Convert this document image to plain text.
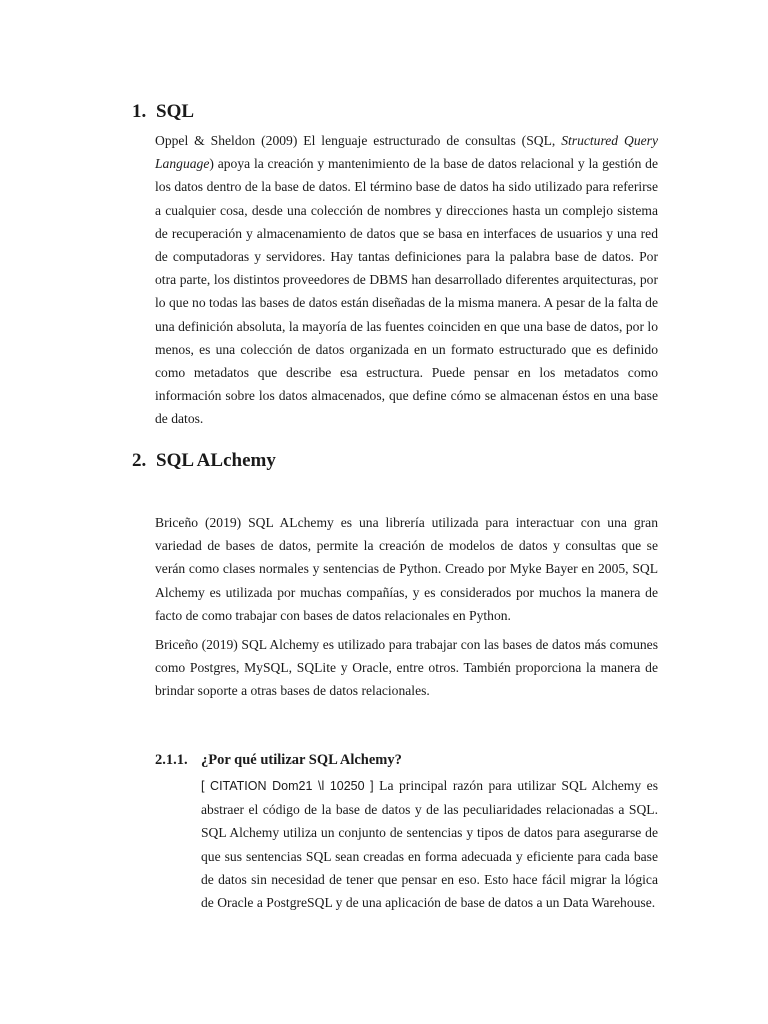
1. SQL
Oppel & Sheldon (2009) El lenguaje estructurado de consultas (SQL, Structured Query Language) apoya la creación y mantenimiento de la base de datos relacional y la gestión de los datos dentro de la base de datos. El término base de datos ha sido utilizado para referirse a cualquier cosa, desde una colección de nombres y direcciones hasta un complejo sistema de recuperación y almacenamiento de datos que se basa en interfaces de usuarios y una red de computadoras y servidores. Hay tantas definiciones para la palabra base de datos. Por otra parte, los distintos proveedores de DBMS han desarrollado diferentes arquitecturas, por lo que no todas las bases de datos están diseñadas de la misma manera. A pesar de la falta de una definición absoluta, la mayoría de las fuentes coinciden en que una base de datos, por lo menos, es una colección de datos organizada en un formato estructurado que es definido como metadatos que describe esa estructura. Puede pensar en los metadatos como información sobre los datos almacenados, que define cómo se almacenan éstos en una base de datos.
2. SQL ALchemy
Briceño (2019) SQL ALchemy es una librería utilizada para interactuar con una gran variedad de bases de datos, permite la creación de modelos de datos y consultas que se verán como clases normales y sentencias de Python. Creado por Myke Bayer en 2005, SQL Alchemy es utilizada por muchas compañías, y es considerados por muchos la manera de facto de como trabajar con bases de datos relacionales en Python.
Briceño (2019) SQL Alchemy es utilizado para trabajar con las bases de datos más comunes como Postgres, MySQL, SQLite y Oracle, entre otros. También proporciona la manera de brindar soporte a otras bases de datos relacionales.
2.1.1. ¿Por qué utilizar SQL Alchemy?
[ CITATION Dom21 \l 10250 ] La principal razón para utilizar SQL Alchemy es abstraer el código de la base de datos y de las peculiaridades relacionadas a SQL. SQL Alchemy utiliza un conjunto de sentencias y tipos de datos para asegurarse de que sus sentencias SQL sean creadas en forma adecuada y eficiente para cada base de datos sin necesidad de tener que pensar en eso. Esto hace fácil migrar la lógica de Oracle a PostgreSQL y de una aplicación de base de datos a un Data Warehouse.
